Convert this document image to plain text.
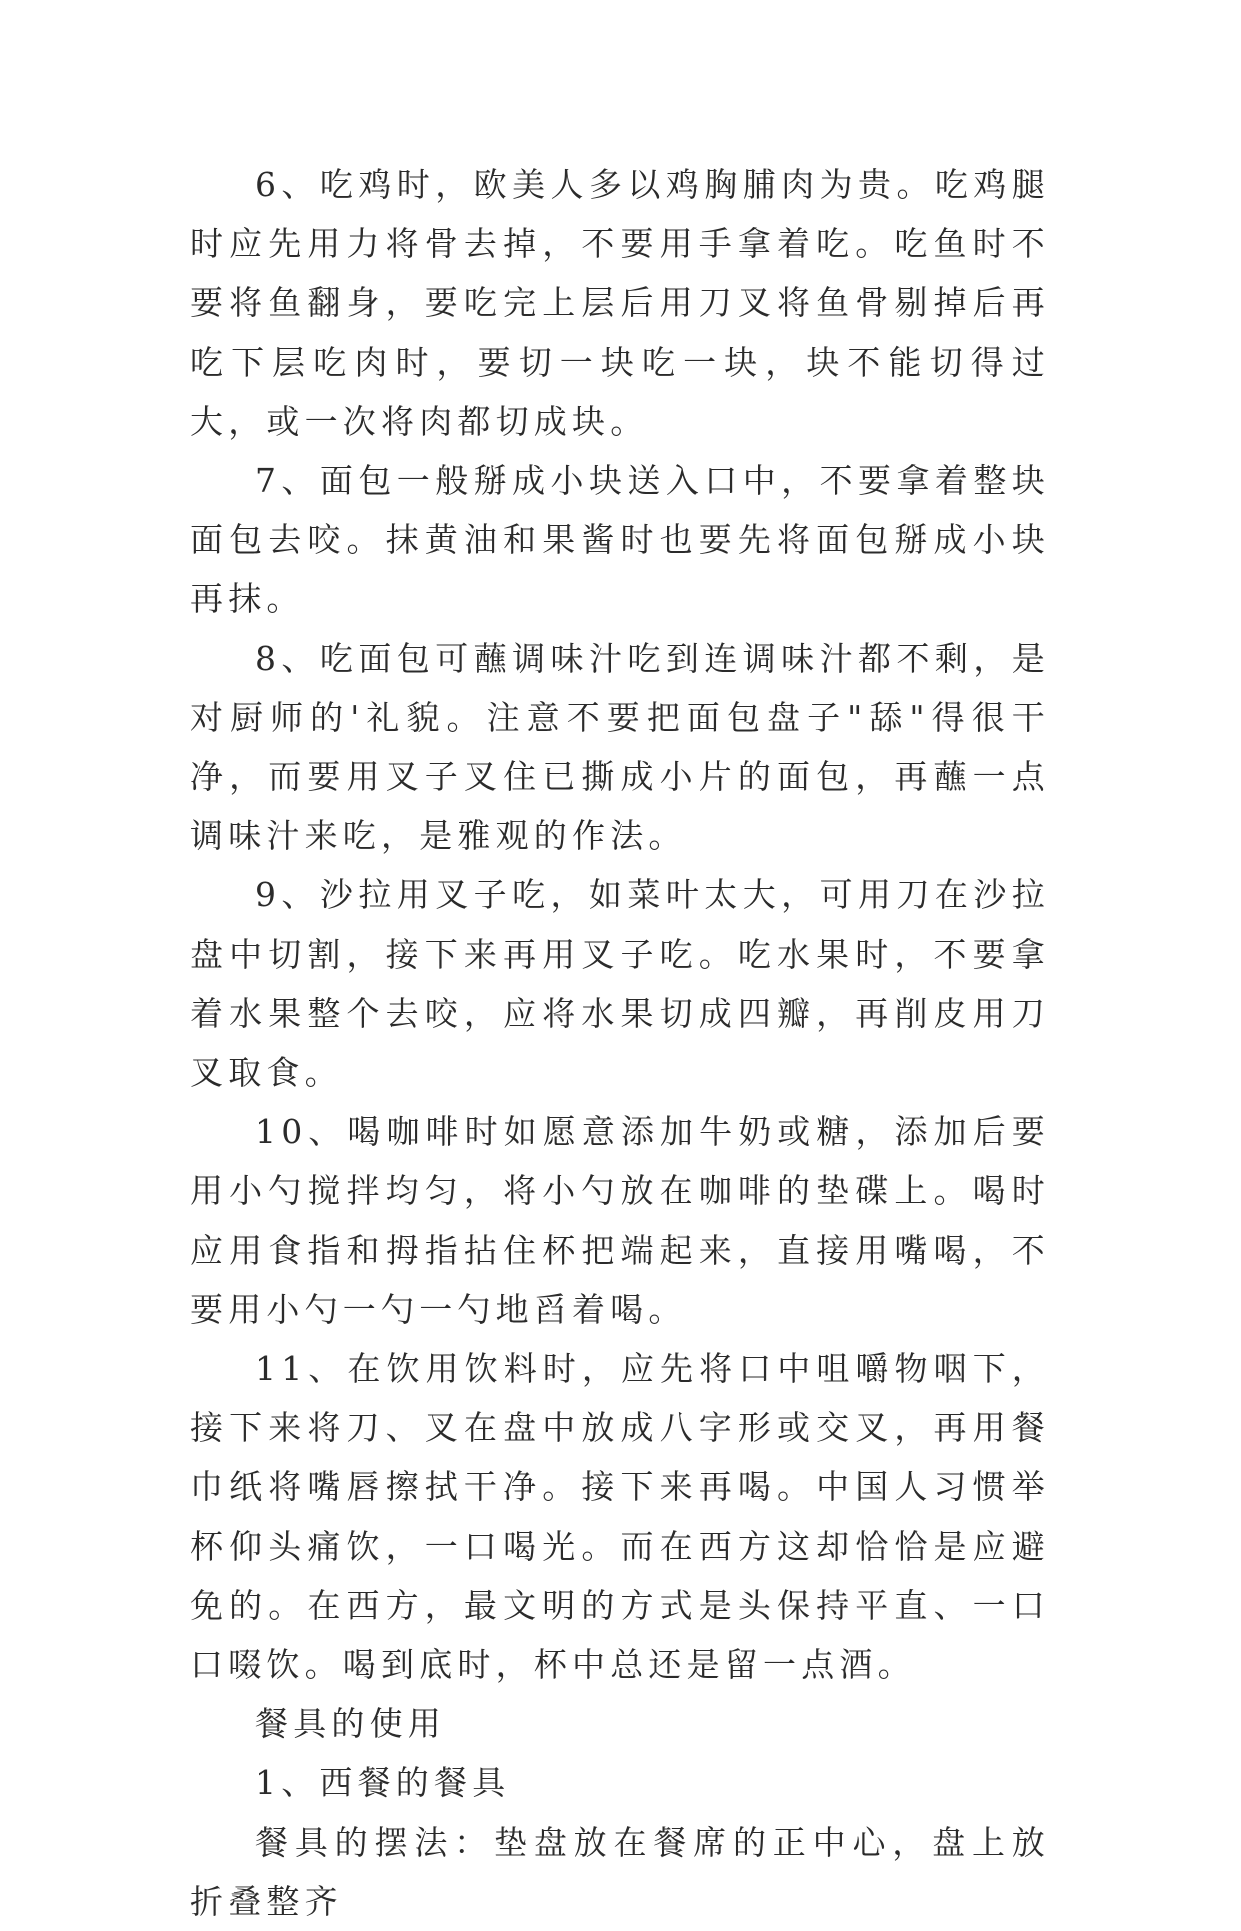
6、吃鸡时，欧美人多以鸡胸脯肉为贵。吃鸡腿时应先用力将骨去掉，不要用手拿着吃。吃鱼时不要将鱼翻身，要吃完上层后用刀叉将鱼骨剔掉后再吃下层吃肉时，要切一块吃一块，块不能切得过大，或一次将肉都切成块。

7、面包一般掰成小块送入口中，不要拿着整块面包去咬。抹黄油和果酱时也要先将面包掰成小块再抹。

8、吃面包可蘸调味汁吃到连调味汁都不剩，是对厨师的'礼貌。注意不要把面包盘子"舔"得很干净，而要用叉子叉住已撕成小片的面包，再蘸一点调味汁来吃，是雅观的作法。

9、沙拉用叉子吃，如菜叶太大，可用刀在沙拉盘中切割，接下来再用叉子吃。吃水果时，不要拿着水果整个去咬，应将水果切成四瓣，再削皮用刀叉取食。

10、喝咖啡时如愿意添加牛奶或糖，添加后要用小勺搅拌均匀，将小勺放在咖啡的垫碟上。喝时应用食指和拇指拈住杯把端起来，直接用嘴喝，不要用小勺一勺一勺地舀着喝。

11、在饮用饮料时，应先将口中咀嚼物咽下，接下来将刀、叉在盘中放成八字形或交叉，再用餐巾纸将嘴唇擦拭干净。接下来再喝。中国人习惯举杯仰头痛饮，一口喝光。而在西方这却恰恰是应避免的。在西方，最文明的方式是头保持平直、一口口啜饮。喝到底时，杯中总还是留一点酒。

餐具的使用

1、西餐的餐具

餐具的摆法：垫盘放在餐席的正中心，盘上放折叠整齐
